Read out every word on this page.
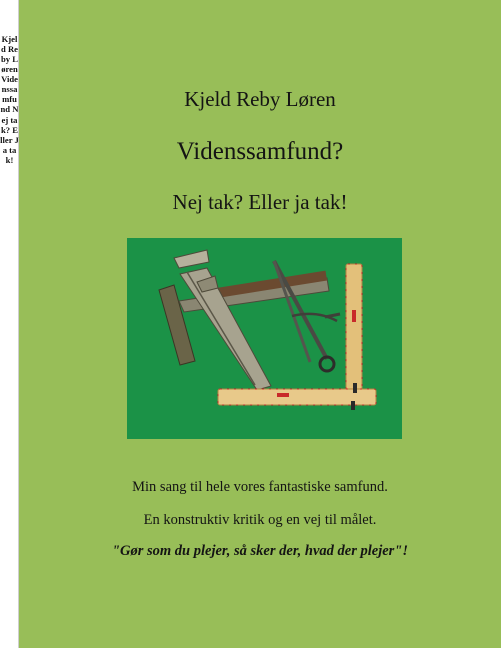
Kjeld Reby Løren Videnssamfund Nej tak? Eller Ja tak!

Kjeld Reby Løren

Videnssamfund?

Nej tak? Eller ja tak!

Min sang til hele vores fantastiske samfund.

En konstruktiv kritik og en vej til målet.

"Gør som du plejer, så sker der, hvad der plejer"!
